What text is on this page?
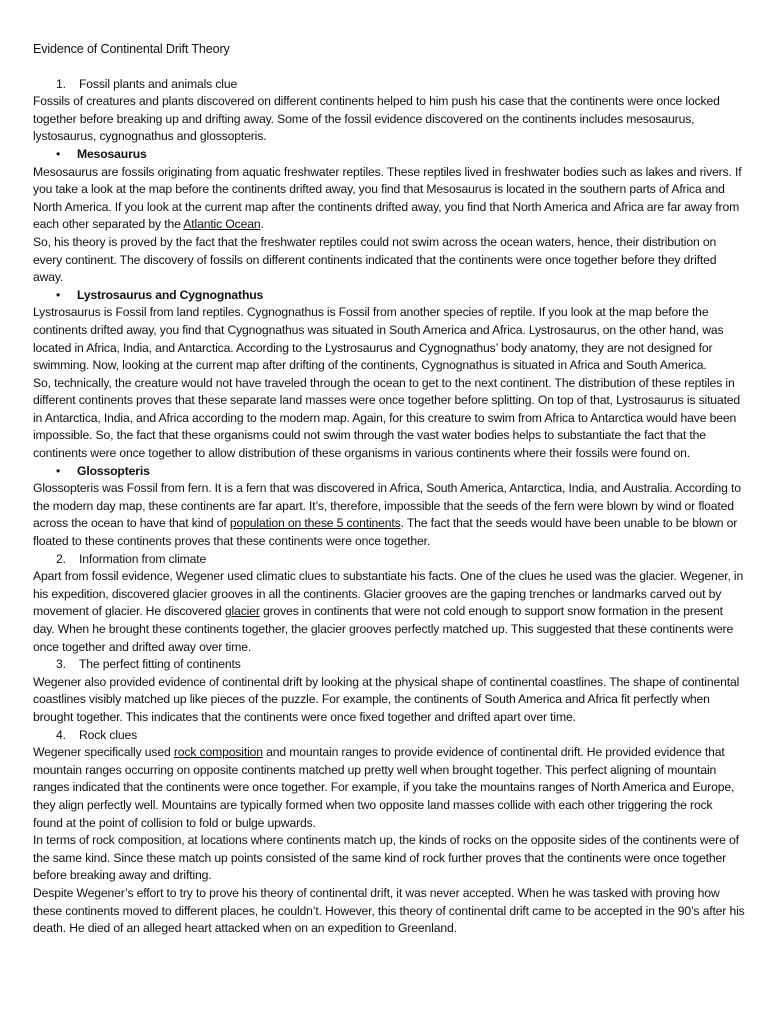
Evidence of Continental Drift Theory
1.	Fossil plants and animals clue

Fossils of creatures and plants discovered on different continents helped to him push his case that the continents were once locked together before breaking up and drifting away. Some of the fossil evidence discovered on the continents includes mesosaurus, lystosaurus, cygnognathus and glossopteris.

•	Mesosaurus

Mesosaurus are fossils originating from aquatic freshwater reptiles. These reptiles lived in freshwater bodies such as lakes and rivers. If you take a look at the map before the continents drifted away, you find that Mesosaurus is located in the southern parts of Africa and North America. If you look at the current map after the continents drifted away, you find that North America and Africa are far away from each other separated by the Atlantic Ocean.

So, his theory is proved by the fact that the freshwater reptiles could not swim across the ocean waters, hence, their distribution on every continent. The discovery of fossils on different continents indicated that the continents were once together before they drifted away.

•	Lystrosaurus and Cygnognathus

Lystrosaurus is Fossil from land reptiles. Cygnognathus is Fossil from another species of reptile. If you look at the map before the continents drifted away, you find that Cygnognathus was situated in South America and Africa. Lystrosaurus, on the other hand, was located in Africa, India, and Antarctica. According to the Lystrosaurus and Cygnognathus’ body anatomy, they are not designed for swimming. Now, looking at the current map after drifting of the continents, Cygnognathus is situated in Africa and South America.

So, technically, the creature would not have traveled through the ocean to get to the next continent. The distribution of these reptiles in different continents proves that these separate land masses were once together before splitting. On top of that, Lystrosaurus is situated in Antarctica, India, and Africa according to the modern map. Again, for this creature to swim from Africa to Antarctica would have been impossible. So, the fact that these organisms could not swim through the vast water bodies helps to substantiate the fact that the continents were once together to allow distribution of these organisms in various continents where their fossils were found on.

•	Glossopteris

Glossopteris was Fossil from fern. It is a fern that was discovered in Africa, South America, Antarctica, India, and Australia. According to the modern day map, these continents are far apart. It’s, therefore, impossible that the seeds of the fern were blown by wind or floated across the ocean to have that kind of population on these 5 continents. The fact that the seeds would have been unable to be blown or floated to these continents proves that these continents were once together.

2.	Information from climate

Apart from fossil evidence, Wegener used climatic clues to substantiate his facts. One of the clues he used was the glacier. Wegener, in his expedition, discovered glacier grooves in all the continents. Glacier grooves are the gaping trenches or landmarks carved out by movement of glacier. He discovered glacier groves in continents that were not cold enough to support snow formation in the present day. When he brought these continents together, the glacier grooves perfectly matched up. This suggested that these continents were once together and drifted away over time.

3.	The perfect fitting of continents

Wegener also provided evidence of continental drift by looking at the physical shape of continental coastlines. The shape of continental coastlines visibly matched up like pieces of the puzzle. For example, the continents of South America and Africa fit perfectly when brought together. This indicates that the continents were once fixed together and drifted apart over time.

4.	Rock clues

Wegener specifically used rock composition and mountain ranges to provide evidence of continental drift. He provided evidence that mountain ranges occurring on opposite continents matched up pretty well when brought together. This perfect aligning of mountain ranges indicated that the continents were once together. For example, if you take the mountains ranges of North America and Europe, they align perfectly well. Mountains are typically formed when two opposite land masses collide with each other triggering the rock found at the point of collision to fold or bulge upwards.

In terms of rock composition, at locations where continents match up, the kinds of rocks on the opposite sides of the continents were of the same kind. Since these match up points consisted of the same kind of rock further proves that the continents were once together before breaking away and drifting.

Despite Wegener’s effort to try to prove his theory of continental drift, it was never accepted. When he was tasked with proving how these continents moved to different places, he couldn’t. However, this theory of continental drift came to be accepted in the 90’s after his death. He died of an alleged heart attacked when on an expedition to Greenland.
